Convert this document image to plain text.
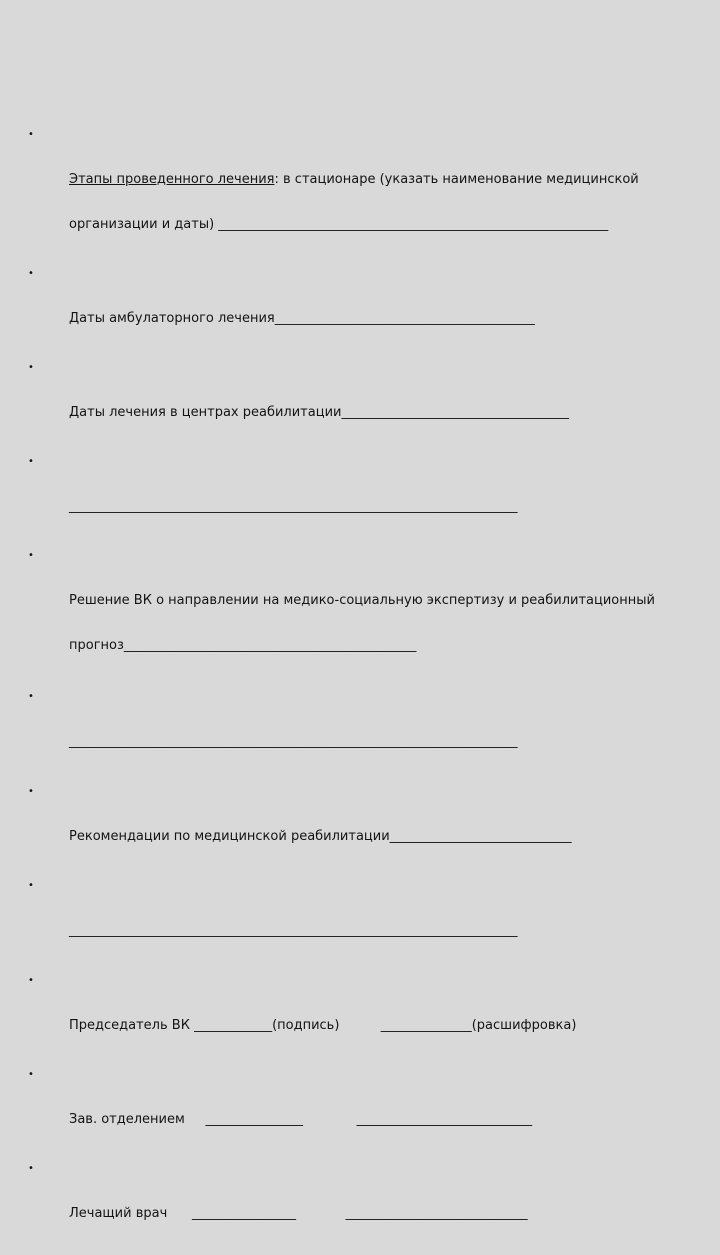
•

Этапы проведенного лечения: в стационаре (указать наименование медицинской

организации и даты) ____________________________________________________________

•

Даты амбулаторного лечения________________________________________

•

Даты лечения в центрах реабилитации___________________________________

•

_____________________________________________________________________

•

Решение ВК о направлении на медико-социальную экспертизу и реабилитационный

прогноз_____________________________________________

•

_____________________________________________________________________

•

Рекомендации по медицинской реабилитации____________________________

•

_____________________________________________________________________

•

Председатель ВК ____________(подпись)          ______________(расшифровка)

•

Зав. отделением     _______________             ___________________________

•

Лечащий врач      ________________            ____________________________
